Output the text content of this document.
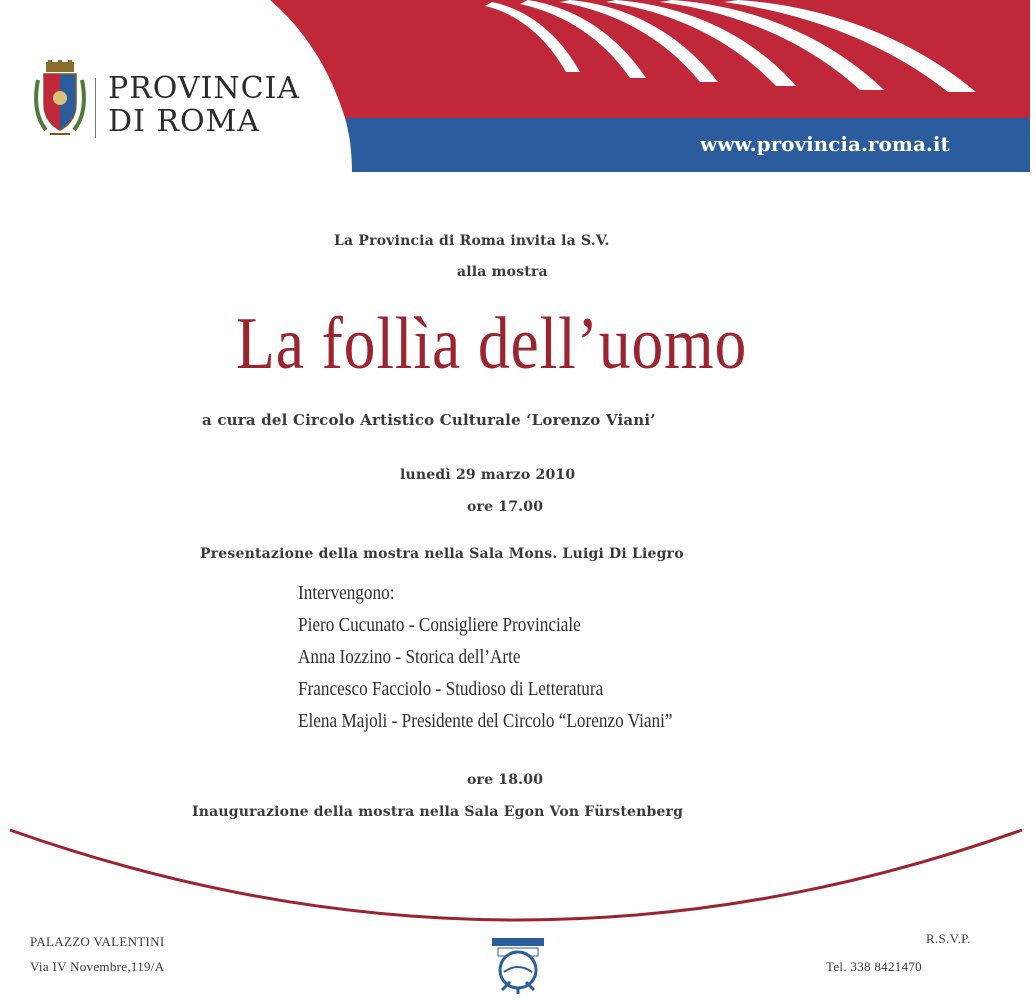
PROVINCIA
DI ROMA
www.provincia.roma.it
La Provincia di Roma invita la S.V.
alla mostra
La follìa dell’uomo
a cura del Circolo Artistico Culturale ‘Lorenzo Viani’
lunedì 29 marzo 2010
ore 17.00
Presentazione della mostra nella Sala Mons. Luigi Di Liegro
Intervengono:
Piero Cucunato - Consigliere Provinciale
Anna Iozzino - Storica dell’Arte
Francesco Facciolo - Studioso di Letteratura
Elena Majoli - Presidente del Circolo “Lorenzo Viani”
ore 18.00
Inaugurazione della mostra nella Sala Egon Von Fürstenberg
PALAZZO VALENTINI
Via IV Novembre,119/A
R.S.V.P.
Tel. 338 8421470
